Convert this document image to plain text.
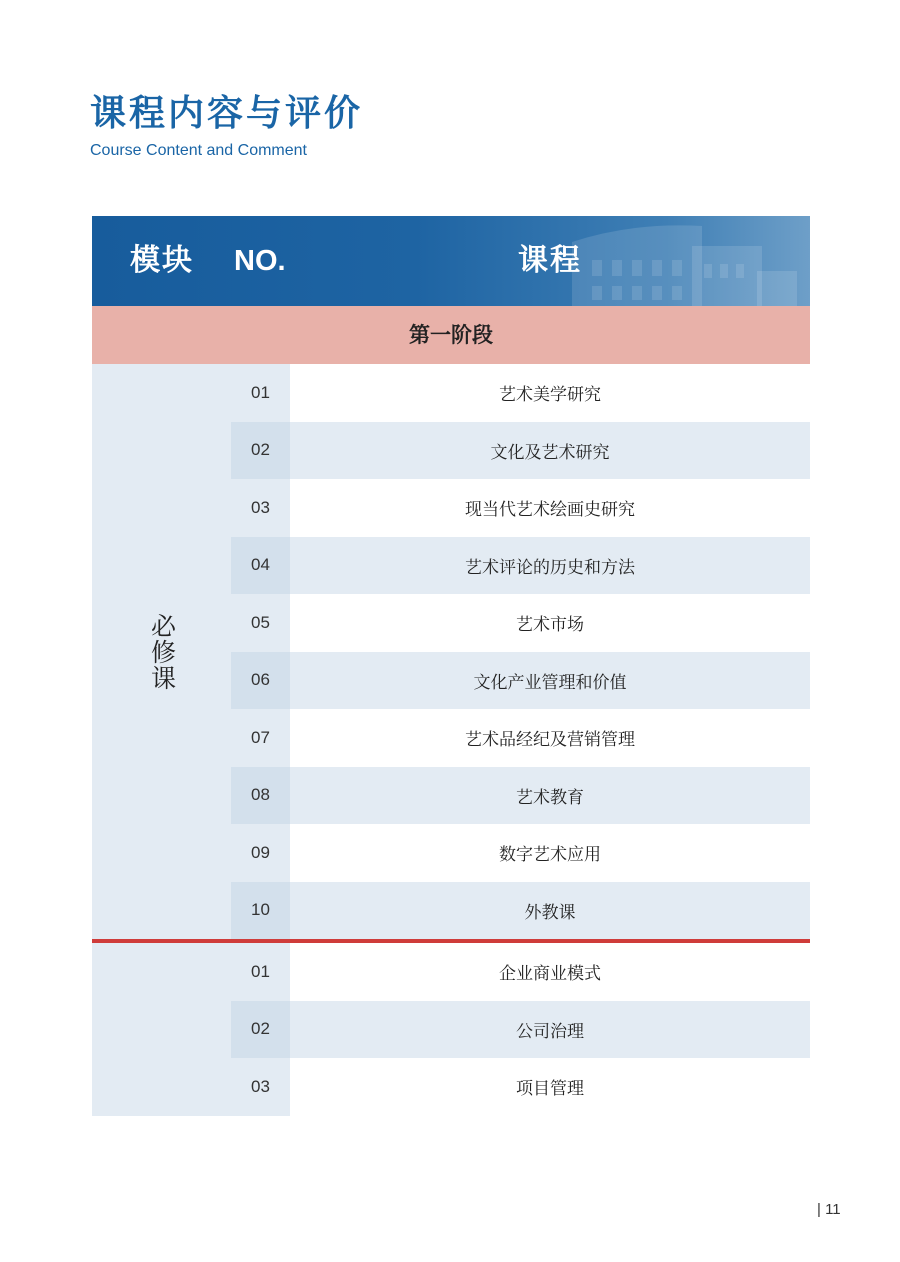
课程内容与评价
Course Content and Comment
模块 NO.	课程
第一阶段
必修课
01	艺术美学研究
02	文化及艺术研究
03	现当代艺术绘画史研究
04	艺术评论的历史和方法
05	艺术市场
06	文化产业管理和价值
07	艺术品经纪及营销管理
08	艺术教育
09	数字艺术应用
10	外教课
01	企业商业模式
02	公司治理
03	项目管理
| 11
